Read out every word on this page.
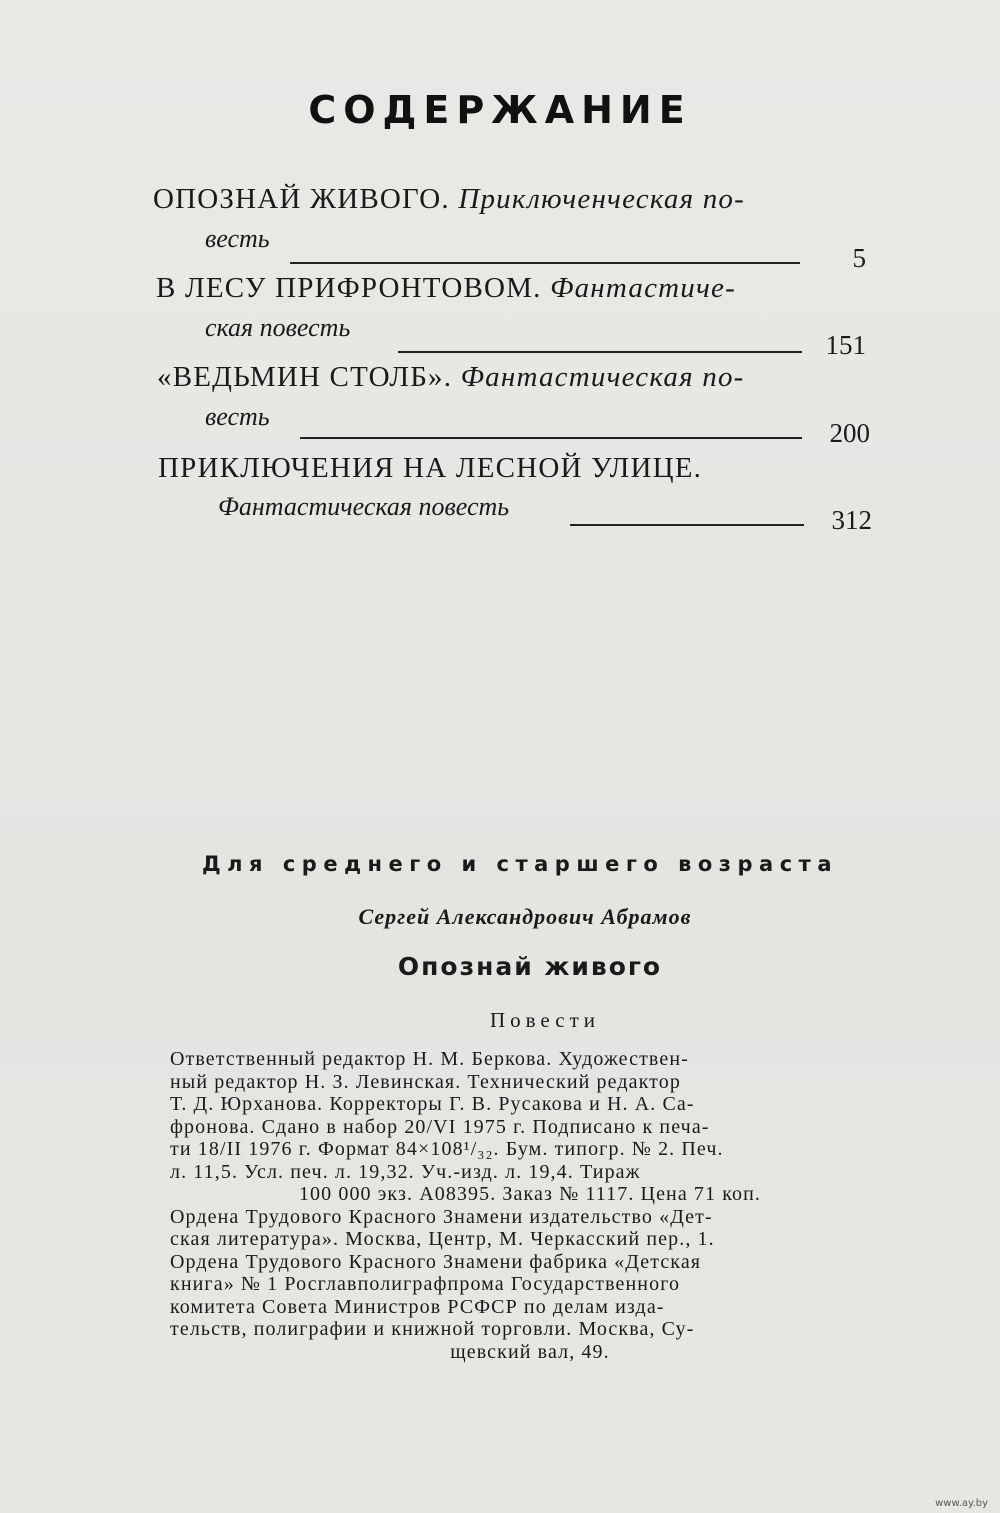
СОДЕРЖАНИЕ
ОПОЗНАЙ ЖИВОГО. Приключенческая по-
весть
5
В ЛЕСУ ПРИФРОНТОВОМ. Фантастиче-
ская повесть
151
«ВЕДЬМИН СТОЛБ». Фантастическая по-
весть
200
ПРИКЛЮЧЕНИЯ НА ЛЕСНОЙ УЛИЦЕ.
Фантастическая повесть	312
Для среднего и старшего возраста
Сергей Александрович Абрамов
Опознай живого
Повести
Ответственный редактор Н. М. Беркова. Художествен-
ный редактор Н. З. Левинская. Технический редактор
Т. Д. Юрханова. Корректоры Г. В. Русакова и Н. А. Са-
фронова. Сдано в набор 20/VI 1975 г. Подписано к печа-
ти 18/II 1976 г. Формат 84×108¹/₃₂. Бум. типогр. № 2. Печ.
л. 11,5. Усл. печ. л. 19,32. Уч.-изд. л. 19,4. Тираж
100 000 экз. А08395. Заказ № 1117. Цена 71 коп.
Ордена Трудового Красного Знамени издательство «Дет-
ская литература». Москва, Центр, М. Черкасский пер., 1.
Ордена Трудового Красного Знамени фабрика «Детская
книга» № 1 Росглавполиграфпрома Государственного
комитета Совета Министров РСФСР по делам изда-
тельств, полиграфии и книжной торговли. Москва, Су-
щевский вал, 49.
www.ay.by
